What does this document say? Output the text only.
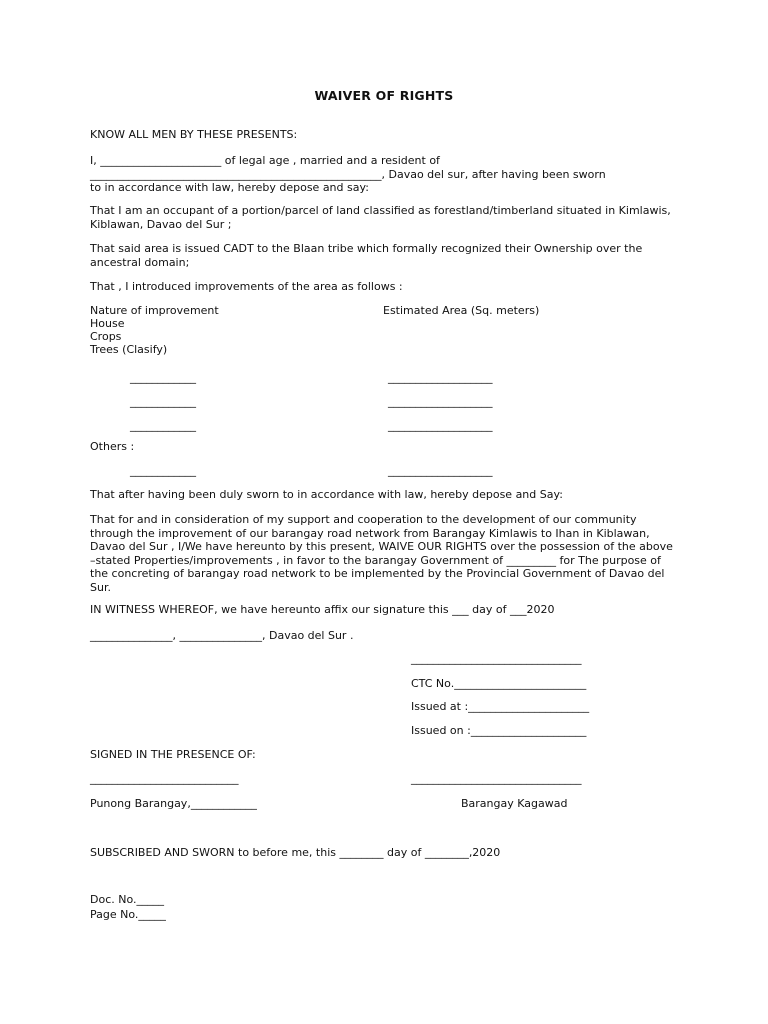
WAIVER OF RIGHTS

KNOW ALL MEN BY THESE PRESENTS:

I, ______________________ of legal age , married and a resident of

_____________________________________________________, Davao del sur, after having been sworn

to in accordance with law, hereby depose and say:

That I am an occupant of a portion/parcel of land classified as forestland/timberland situated in Kimlawis, Kiblawan, Davao del Sur ;

That said area is issued CADT to the Blaan tribe which formally recognized their Ownership over the ancestral domain;

That , I introduced improvements of the area as follows :

Nature of improvement	Estimated Area (Sq. meters)

House

Crops

Trees (Clasify)

____________	___________________

____________	___________________

____________	___________________

Others :

____________	___________________

That after having been duly sworn to in accordance with law, hereby depose and Say:

That for and in consideration of my support and cooperation to the development of our community through the improvement of our barangay road network from Barangay Kimlawis to Ihan in Kiblawan, Davao del Sur , I/We have hereunto by this present, WAIVE OUR RIGHTS over the possession of the above –stated Properties/improvements , in favor to the barangay Government of _________ for The purpose of the concreting of barangay road network to be implemented by the Provincial Government of Davao del Sur.

IN WITNESS WHEREOF, we have hereunto affix our signature this ___ day of ___2020

_______________, _______________, Davao del Sur .

_______________________________

CTC No.________________________

Issued at :______________________

Issued on :_____________________

SIGNED IN THE PRESENCE OF:

___________________________	_______________________________

Punong Barangay,____________	Barangay Kagawad

SUBSCRIBED AND SWORN to before me, this ________ day of ________,2020

Doc. No._____

Page No._____
